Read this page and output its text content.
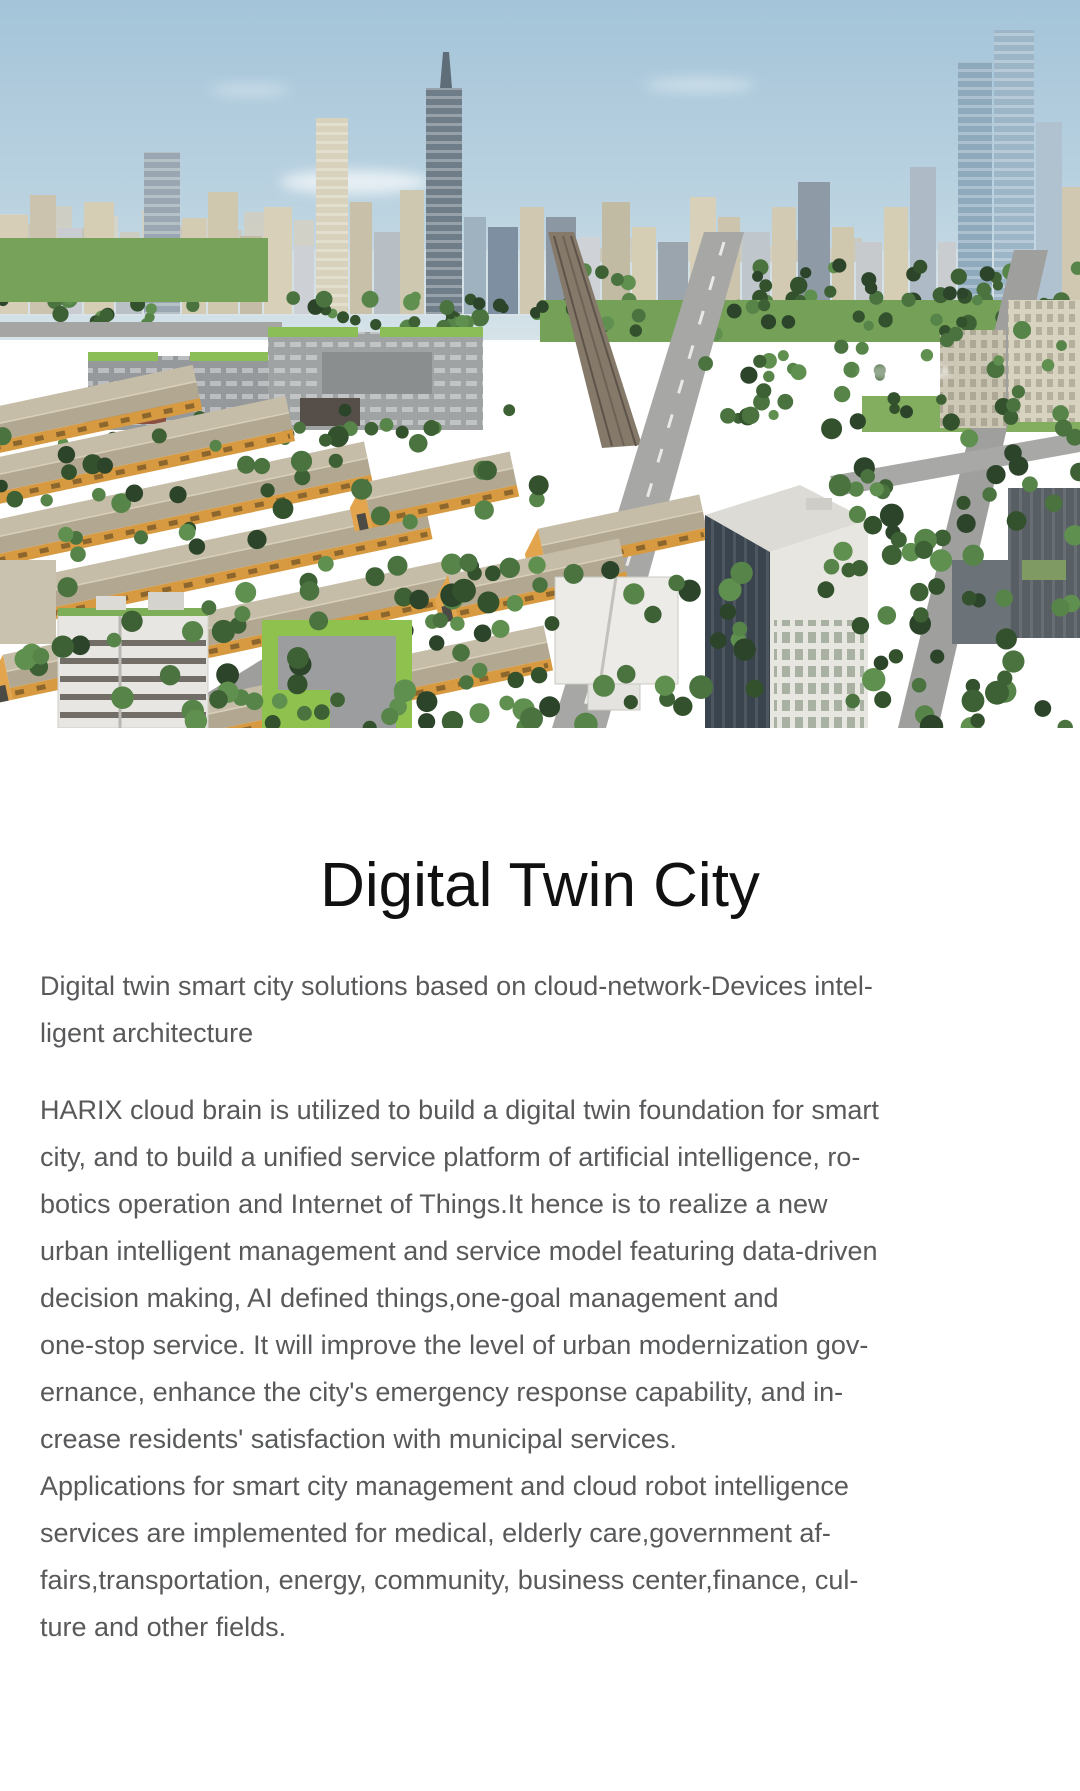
Digital Twin City
Digital twin smart city solutions based on cloud-network-Devices intel-
ligent architecture
HARIX cloud brain is utilized to build a digital twin foundation for smart
city, and to build a unified service platform of artificial intelligence, ro-
botics operation and Internet of Things.It hence is to realize a new
urban intelligent management and service model featuring data-driven
decision making, AI defined things,one-goal management and
one-stop service. It will improve the level of urban modernization gov-
ernance, enhance the city's emergency response capability, and in-
crease residents' satisfaction with municipal services.
Applications for smart city management and cloud robot intelligence
services are implemented for medical, elderly care,government af-
fairs,transportation, energy, community, business center,finance, cul-
ture and other fields.
